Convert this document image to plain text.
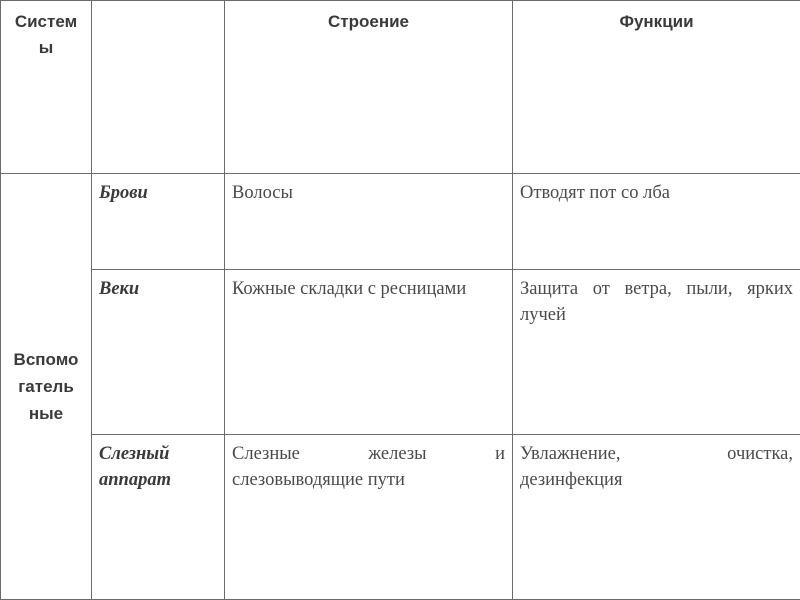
Систем ы		Строение	Функции

Вспомо гатель ные	Брови	Волосы	Отводят пот со лба
	Веки	Кожные складки с ресницами	Защита от ветра, пыли, ярких лучей
	Слезный аппарат	Слезные железы и слезовыводящие пути	Увлажнение, очистка, дезинфекция
